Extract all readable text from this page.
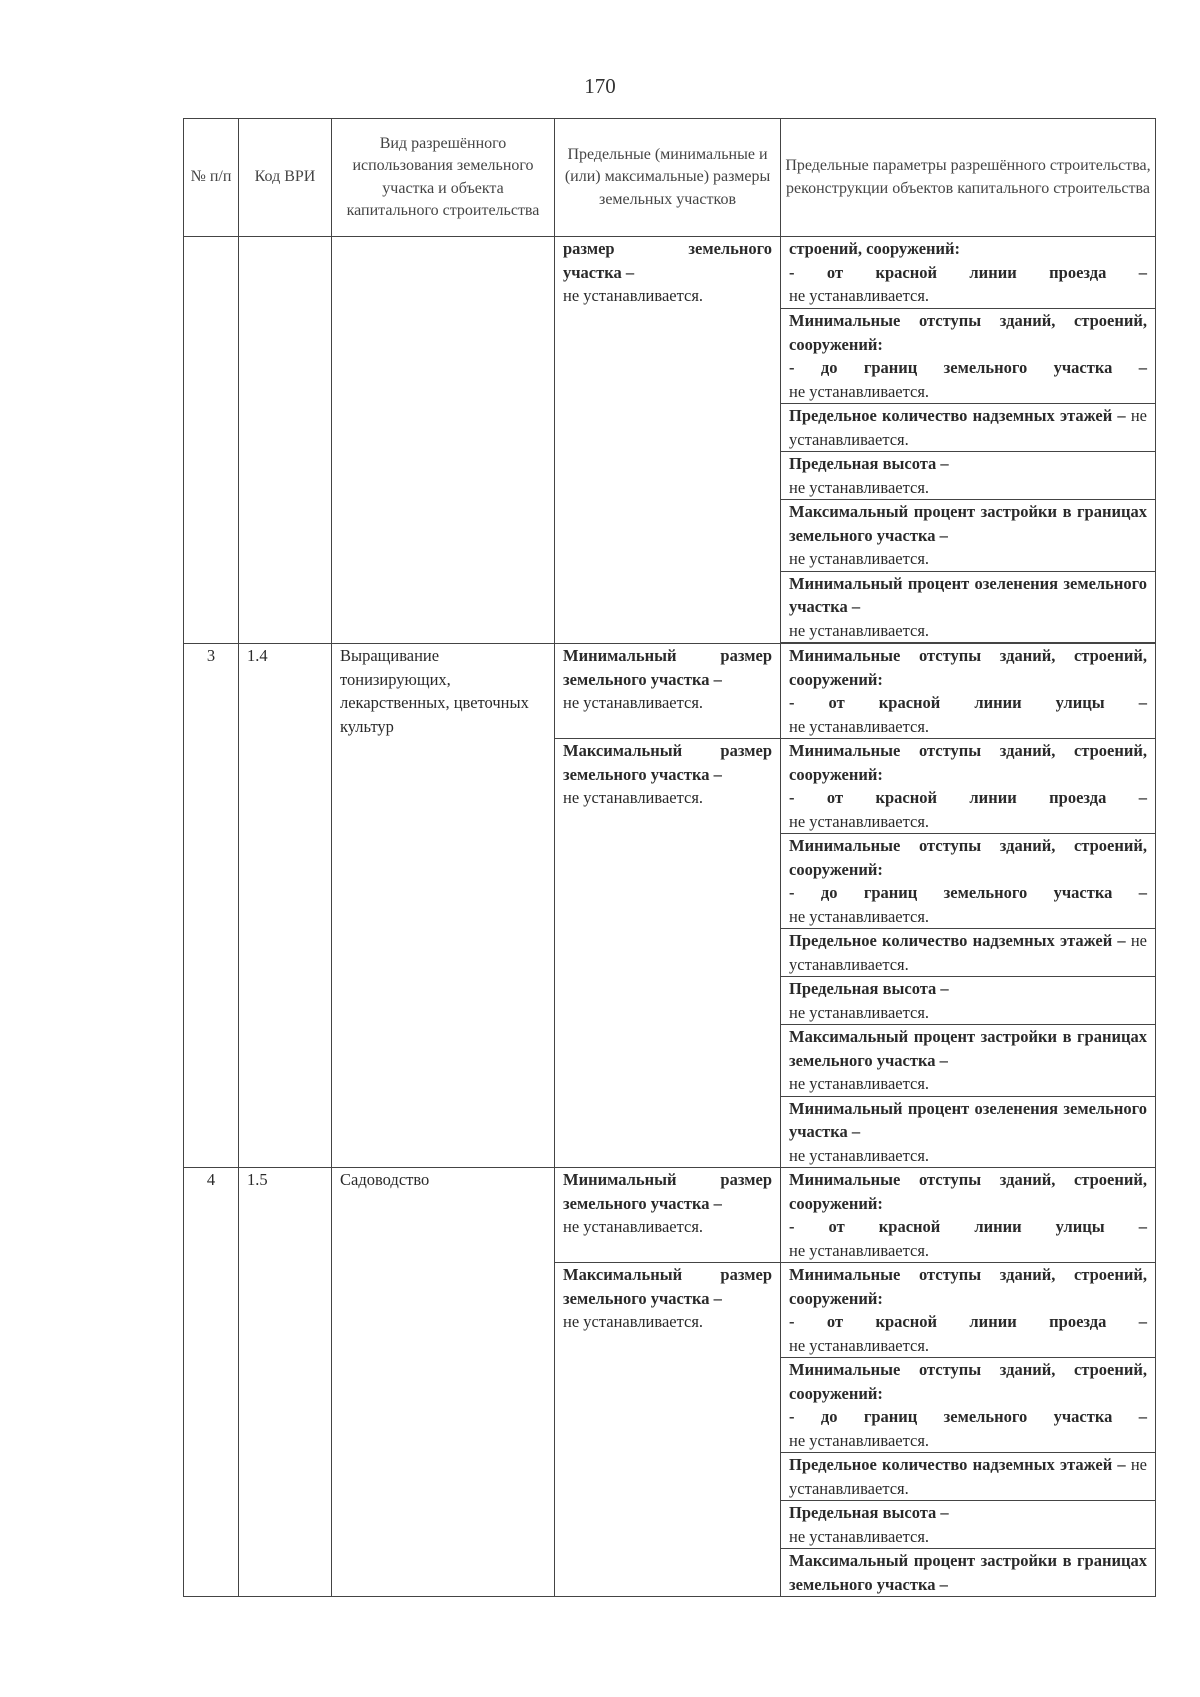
170
№ п/п	Код ВРИ	Вид разрешённого использования земельного участка и объекта капитального строительства	Предельные (минимальные и (или) максимальные) размеры земельных участков	Предельные параметры разрешённого строительства, реконструкции объектов капитального строительства

			размер земельного
участка –
не устанавливается.	строений, сооружений:
- от красной линии проезда –
не устанавливается.

				Минимальные отступы зданий, строений, сооружений:
- до границ земельного участка –
не устанавливается.

				Предельное количество надземных этажей – не устанавливается.

				Предельная высота –
не устанавливается.

				Максимальный процент застройки в границах земельного участка –
не устанавливается.

				Минимальный процент озеленения земельного участка –
не устанавливается.

3	1.4	Выращивание тонизирующих, лекарственных, цветочных культур	Минимальный размер земельного участка –
не устанавливается.	Минимальные отступы зданий, строений, сооружений:
- от красной линии улицы –
не устанавливается.

			Максимальный размер земельного участка –
не устанавливается.	Минимальные отступы зданий, строений, сооружений:
- от красной линии проезда –
не устанавливается.

				Минимальные отступы зданий, строений, сооружений:
- до границ земельного участка –
не устанавливается.

				Предельное количество надземных этажей – не устанавливается.

				Предельная высота –
не устанавливается.

				Максимальный процент застройки в границах земельного участка –
не устанавливается.

				Минимальный процент озеленения земельного участка –
не устанавливается.

4	1.5	Садоводство	Минимальный размер земельного участка –
не устанавливается.	Минимальные отступы зданий, строений, сооружений:
- от красной линии улицы –
не устанавливается.

			Максимальный размер земельного участка –
не устанавливается.	Минимальные отступы зданий, строений, сооружений:
- от красной линии проезда –
не устанавливается.

				Минимальные отступы зданий, строений, сооружений:
- до границ земельного участка –
не устанавливается.

				Предельное количество надземных этажей – не устанавливается.

				Предельная высота –
не устанавливается.

				Максимальный процент застройки в границах земельного участка –
